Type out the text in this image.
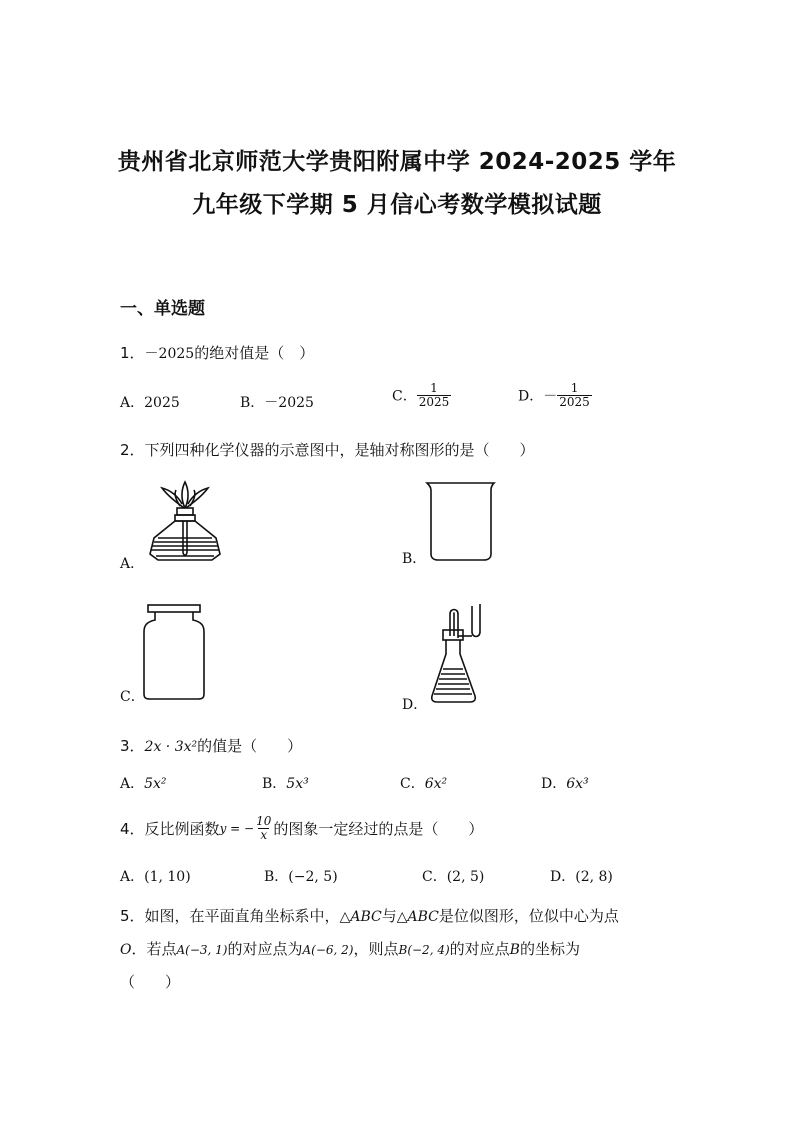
贵州省北京师范大学贵阳附属中学 2024-2025 学年
九年级下学期 5 月信心考数学模拟试题
一、单选题
1．－2025的绝对值是（　）
A．2025	B．－2025	C． $\frac{1}{2025}$	D．－ $\frac{1}{2025}$
2．下列四种化学仪器的示意图中，是轴对称图形的是（　　）
A．	B．
C．	D．
3．2x · 3x²的值是（　　）
A．5x²	B．5x³	C．6x²	D．6x³
4．反比例函数y = − $\frac{10}{x}$ 的图象一定经过的点是（　　）
A．(1, 10)	B．(−2, 5)	C．(2, 5)	D．(2, 8)
5．如图，在平面直角坐标系中，△ABC与△ABC是位似图形，位似中心为点
O．若点A(−3, 1)的对应点为A(−6, 2)，则点B(−2, 4)的对应点B的坐标为
（　　）
